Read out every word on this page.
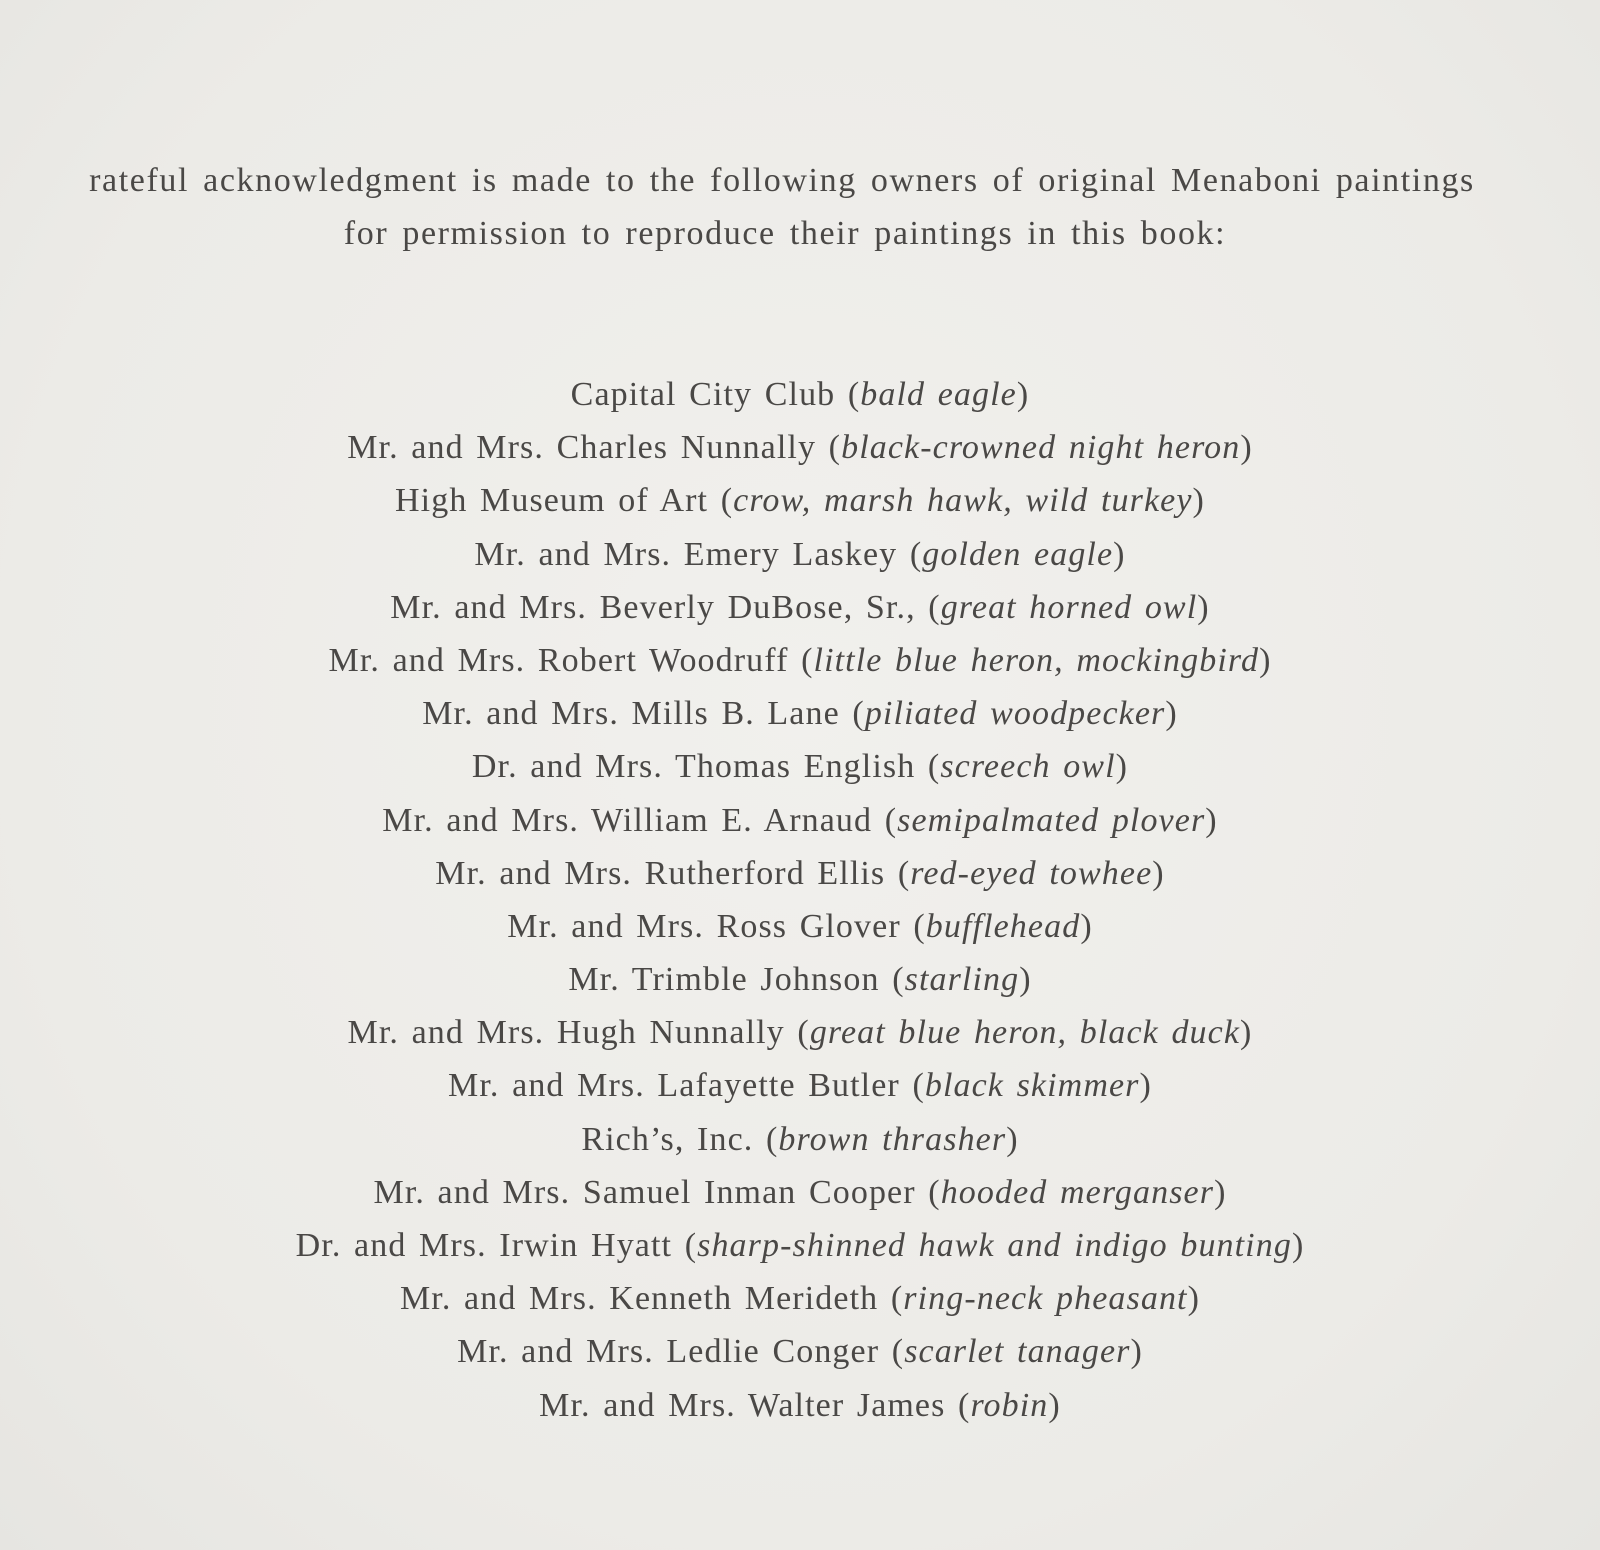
rateful acknowledgment is made to the following owners of original Menaboni paintings

for permission to reproduce their paintings in this book:

Capital City Club (bald eagle)
Mr. and Mrs. Charles Nunnally (black-crowned night heron)
High Museum of Art (crow, marsh hawk, wild turkey)
Mr. and Mrs. Emery Laskey (golden eagle)
Mr. and Mrs. Beverly DuBose, Sr., (great horned owl)
Mr. and Mrs. Robert Woodruff (little blue heron, mockingbird)
Mr. and Mrs. Mills B. Lane (piliated woodpecker)
Dr. and Mrs. Thomas English (screech owl)
Mr. and Mrs. William E. Arnaud (semipalmated plover)
Mr. and Mrs. Rutherford Ellis (red-eyed towhee)
Mr. and Mrs. Ross Glover (bufflehead)
Mr. Trimble Johnson (starling)
Mr. and Mrs. Hugh Nunnally (great blue heron, black duck)
Mr. and Mrs. Lafayette Butler (black skimmer)
Rich’s, Inc. (brown thrasher)
Mr. and Mrs. Samuel Inman Cooper (hooded merganser)
Dr. and Mrs. Irwin Hyatt (sharp-shinned hawk and indigo bunting)
Mr. and Mrs. Kenneth Merideth (ring-neck pheasant)
Mr. and Mrs. Ledlie Conger (scarlet tanager)
Mr. and Mrs. Walter James (robin)
